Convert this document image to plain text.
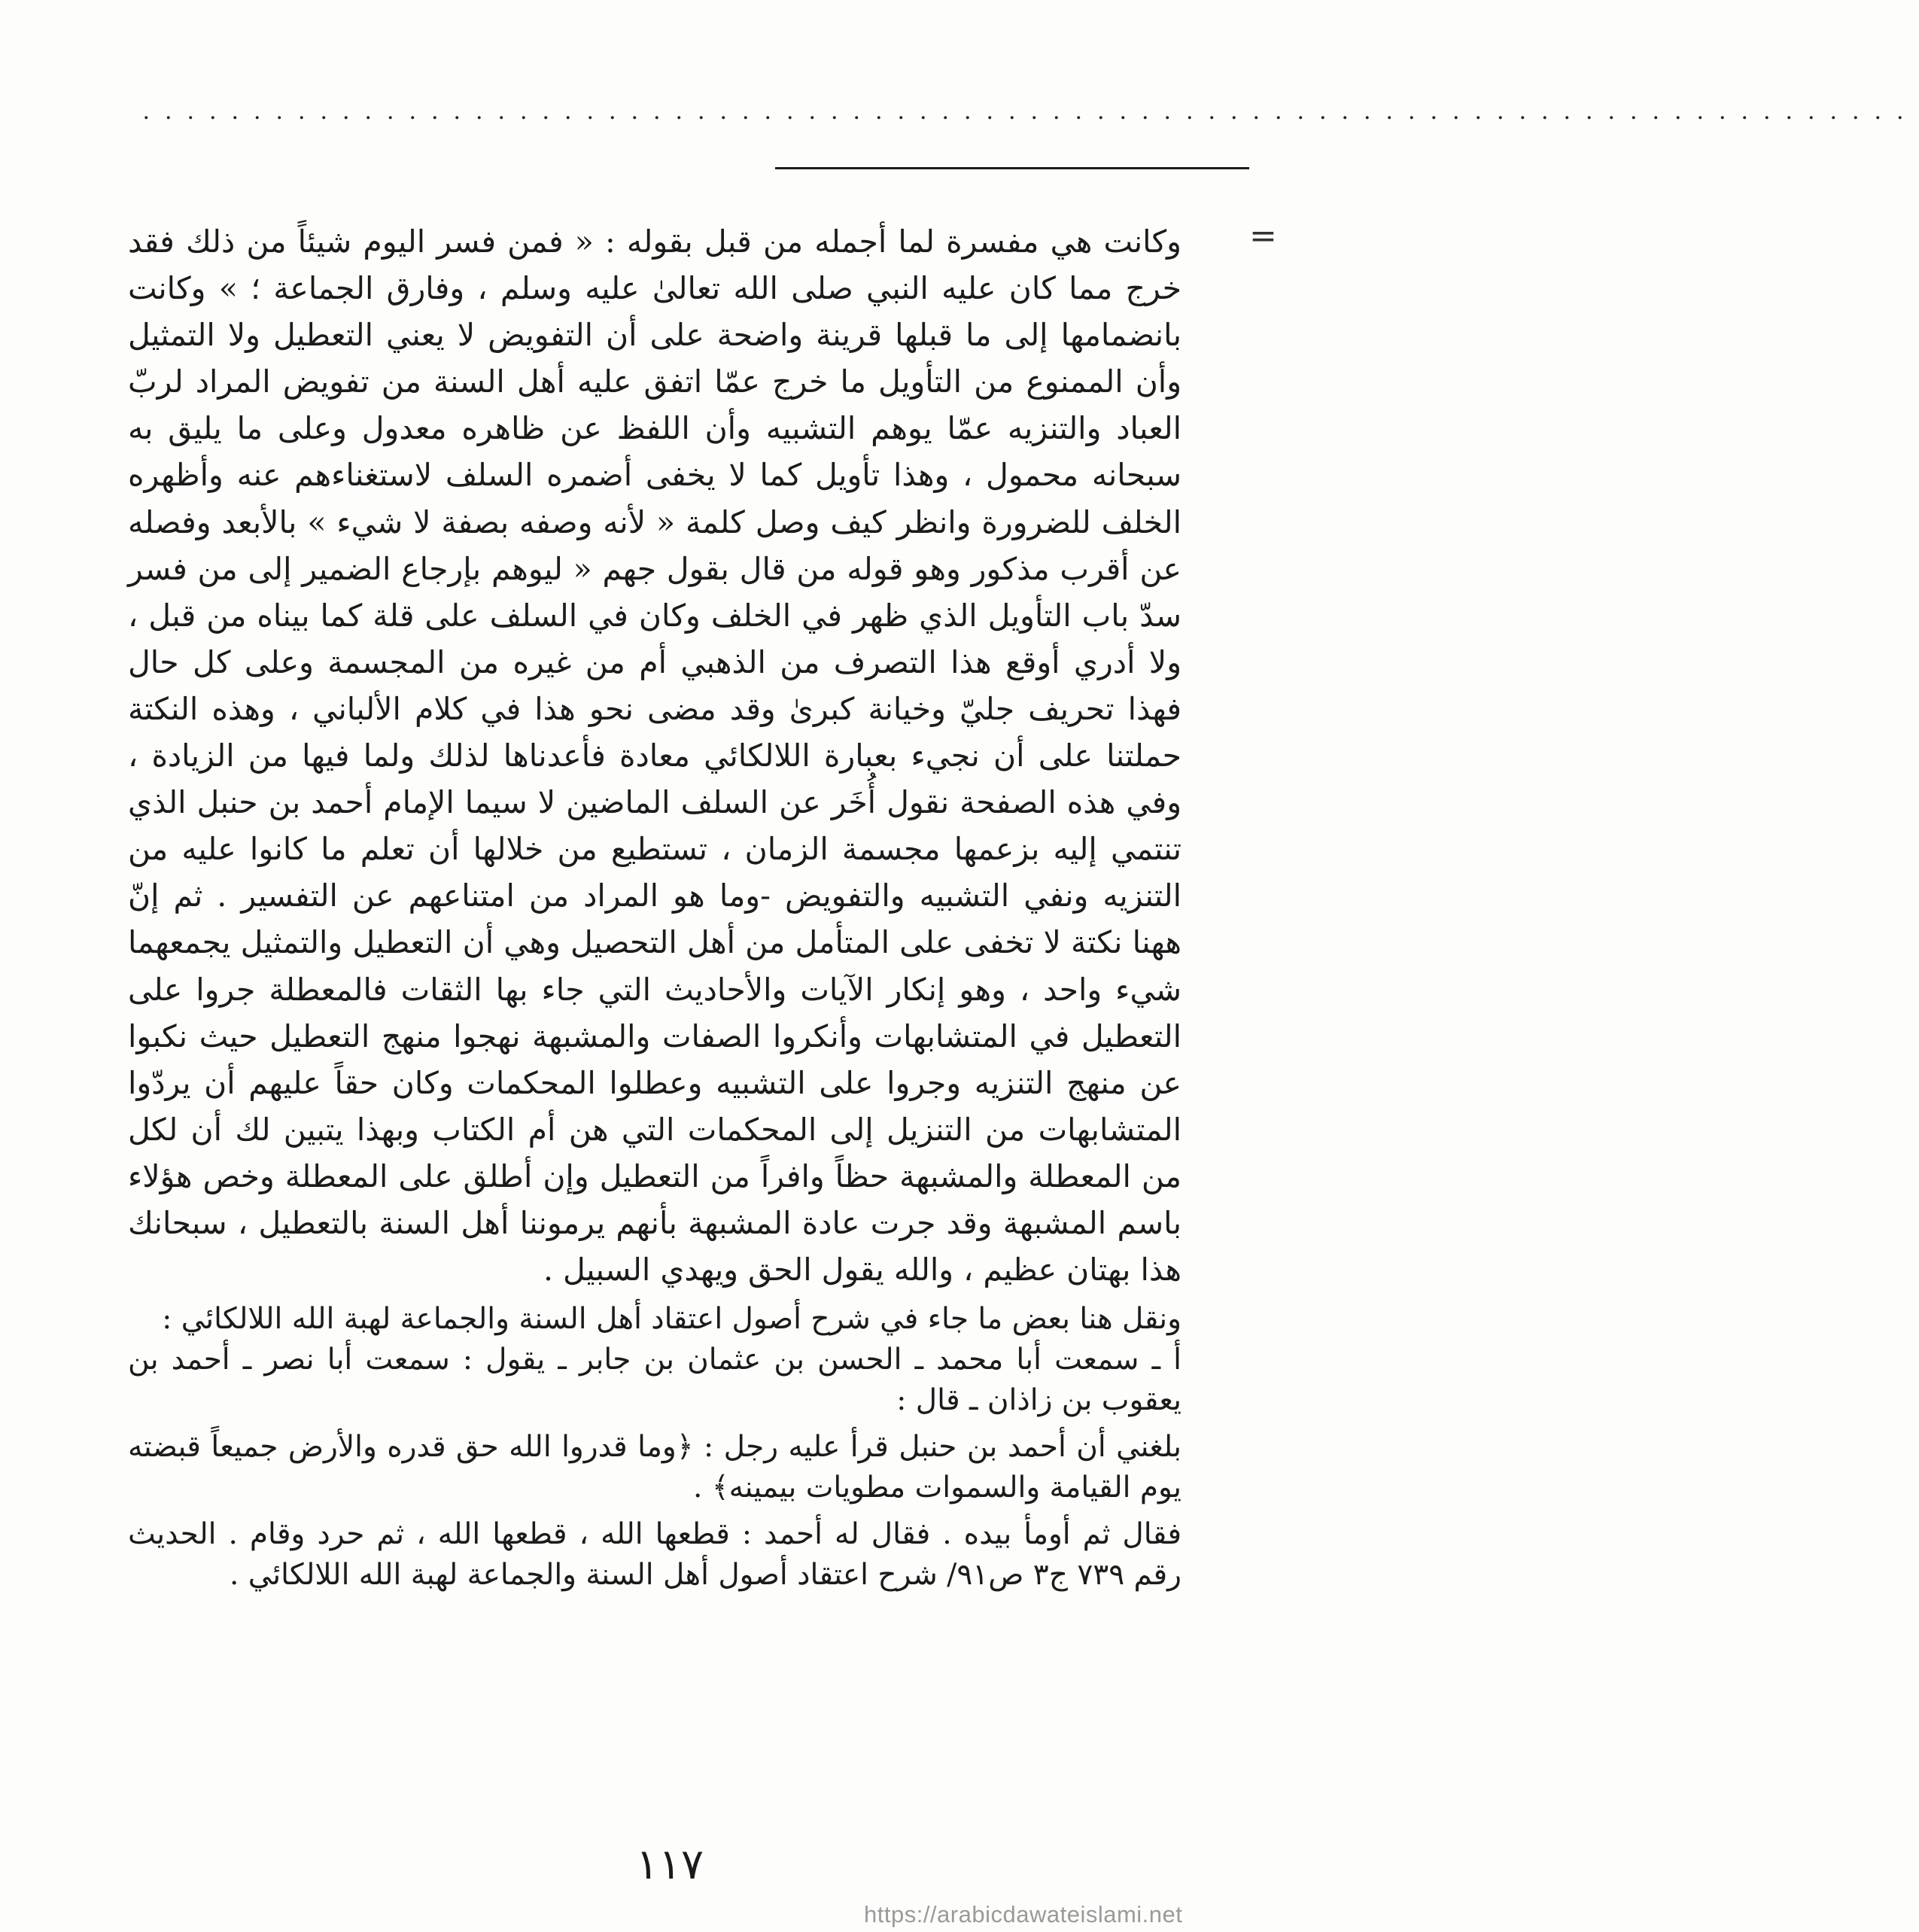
................................................................................
=

وكانت هي مفسرة لما أجمله من قبل بقوله : « فمن فسر اليوم شيئاً من ذلك فقد خرج مما كان عليه النبي صلى الله تعالىٰ عليه وسلم ، وفارق الجماعة ؛ » وكانت بانضمامها إلى ما قبلها قرينة واضحة على أن التفويض لا يعني التعطيل ولا التمثيل وأن الممنوع من التأويل ما خرج عمّا اتفق عليه أهل السنة من تفويض المراد لربّ العباد والتنزيه عمّا يوهم التشبيه وأن اللفظ عن ظاهره معدول وعلى ما يليق به سبحانه محمول ، وهذا تأويل كما لا يخفى أضمره السلف لاستغناءهم عنه وأظهره الخلف للضرورة وانظر كيف وصل كلمة « لأنه وصفه بصفة لا شيء » بالأبعد وفصله عن أقرب مذكور وهو قوله من قال بقول جهم « ليوهم بإرجاع الضمير إلى من فسر سدّ باب التأويل الذي ظهر في الخلف وكان في السلف على قلة كما بيناه من قبل ، ولا أدري أوقع هذا التصرف من الذهبي أم من غيره من المجسمة وعلى كل حال فهذا تحريف جليّ وخيانة كبرىٰ وقد مضى نحو هذا في كلام الألباني ، وهذه النكتة حملتنا على أن نجيء بعبارة اللالكائي معادة فأعدناها لذلك ولما فيها من الزيادة ، وفي هذه الصفحة نقول أُخَر عن السلف الماضين لا سيما الإمام أحمد بن حنبل الذي تنتمي إليه بزعمها مجسمة الزمان ، تستطيع من خلالها أن تعلم ما كانوا عليه من التنزيه ونفي التشبيه والتفويض -وما هو المراد من امتناعهم عن التفسير . ثم إنّ ههنا نكتة لا تخفى على المتأمل من أهل التحصيل وهي أن التعطيل والتمثيل يجمعهما شيء واحد ، وهو إنكار الآيات والأحاديث التي جاء بها الثقات فالمعطلة جروا على التعطيل في المتشابهات وأنكروا الصفات والمشبهة نهجوا منهج التعطيل حيث نكبوا عن منهج التنزيه وجروا على التشبيه وعطلوا المحكمات وكان حقاً عليهم أن يردّوا المتشابهات من التنزيل إلى المحكمات التي هن أم الكتاب وبهذا يتبين لك أن لكل من المعطلة والمشبهة حظاً وافراً من التعطيل وإن أطلق على المعطلة وخص هؤلاء باسم المشبهة وقد جرت عادة المشبهة بأنهم يرموننا أهل السنة بالتعطيل ، سبحانك هذا بهتان عظيم ، والله يقول الحق ويهدي السبيل .

ونقل هنا بعض ما جاء في شرح أصول اعتقاد أهل السنة والجماعة لهبة الله اللالكائي :

أ ـ سمعت أبا محمد ـ الحسن بن عثمان بن جابر ـ يقول : سمعت أبا نصر ـ أحمد بن يعقوب بن زاذان ـ قال :

بلغني أن أحمد بن حنبل قرأ عليه رجل : ﴿وما قدروا الله حق قدره والأرض جميعاً قبضته يوم القيامة والسموات مطويات بيمينه﴾ .

فقال ثم أومأ بيده . فقال له أحمد : قطعها الله ، قطعها الله ، ثم حرد وقام . الحديث رقم ٧٣٩ ج٣ ص٩١/ شرح اعتقاد أصول أهل السنة والجماعة لهبة الله اللالكائي .

١١٧
https://arabicdawateislami.net
